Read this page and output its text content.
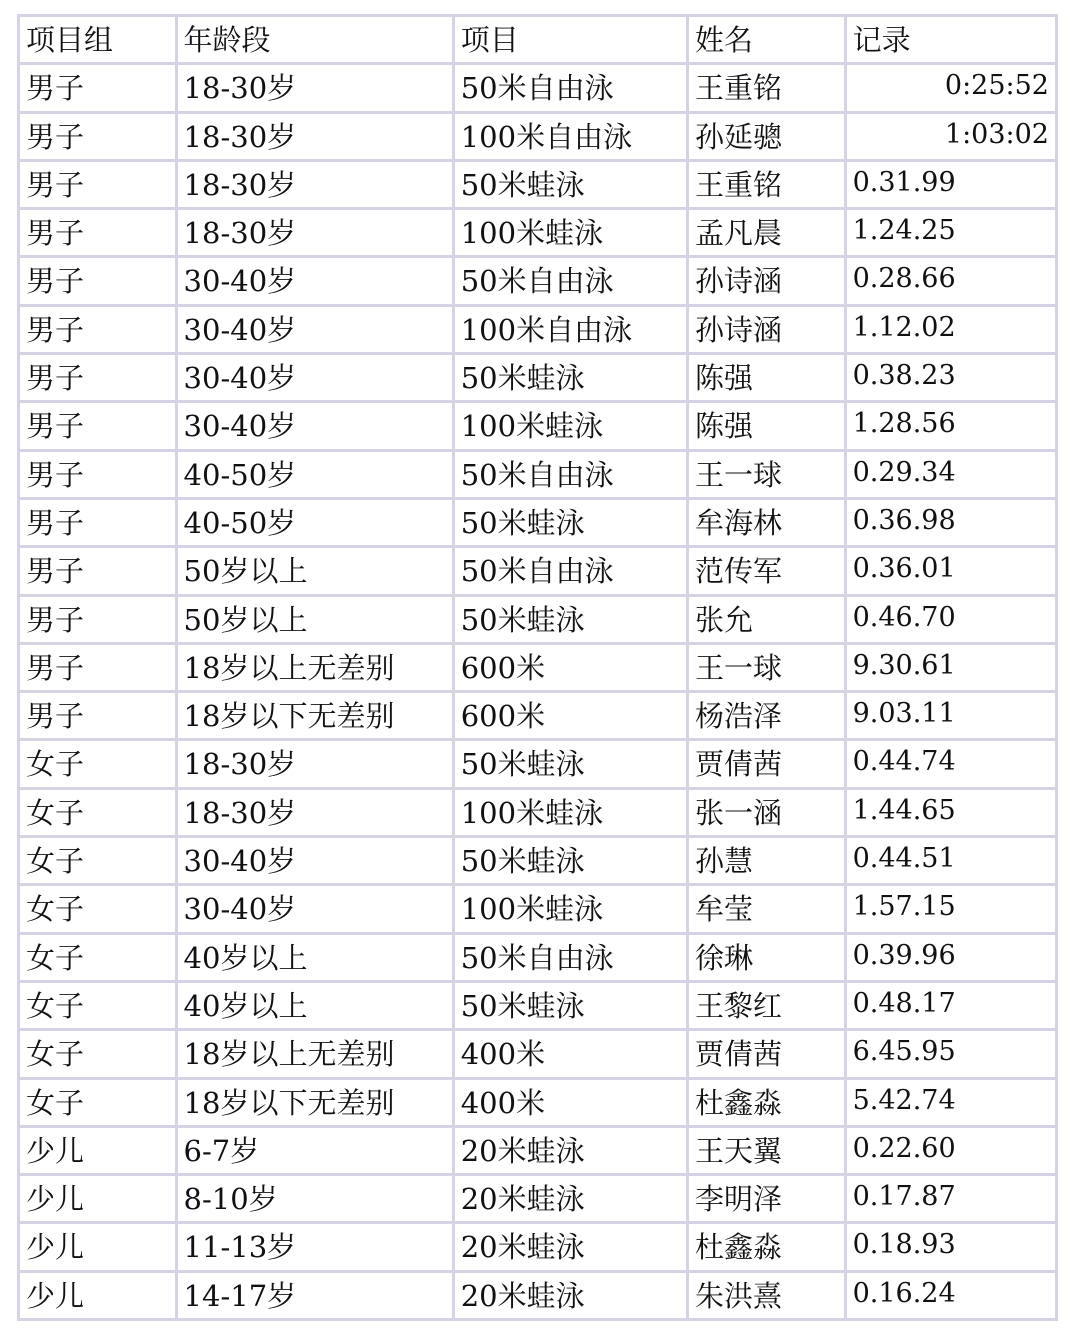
项目组	年龄段	项目	姓名	记录
男子	18-30岁	50米自由泳	王重铭	0:25:52
男子	18-30岁	100米自由泳	孙延骢	1:03:02
男子	18-30岁	50米蛙泳	王重铭	0.31.99
男子	18-30岁	100米蛙泳	孟凡晨	1.24.25
男子	30-40岁	50米自由泳	孙诗涵	0.28.66
男子	30-40岁	100米自由泳	孙诗涵	1.12.02
男子	30-40岁	50米蛙泳	陈强	0.38.23
男子	30-40岁	100米蛙泳	陈强	1.28.56
男子	40-50岁	50米自由泳	王一球	0.29.34
男子	40-50岁	50米蛙泳	牟海林	0.36.98
男子	50岁以上	50米自由泳	范传军	0.36.01
男子	50岁以上	50米蛙泳	张允	0.46.70
男子	18岁以上无差别	600米	王一球	9.30.61
男子	18岁以下无差别	600米	杨浩泽	9.03.11
女子	18-30岁	50米蛙泳	贾倩茜	0.44.74
女子	18-30岁	100米蛙泳	张一涵	1.44.65
女子	30-40岁	50米蛙泳	孙慧	0.44.51
女子	30-40岁	100米蛙泳	牟莹	1.57.15
女子	40岁以上	50米自由泳	徐琳	0.39.96
女子	40岁以上	50米蛙泳	王黎红	0.48.17
女子	18岁以上无差别	400米	贾倩茜	6.45.95
女子	18岁以下无差别	400米	杜鑫淼	5.42.74
少儿	6-7岁	20米蛙泳	王天翼	0.22.60
少儿	8-10岁	20米蛙泳	李明泽	0.17.87
少儿	11-13岁	20米蛙泳	杜鑫淼	0.18.93
少儿	14-17岁	20米蛙泳	朱洪熹	0.16.24
